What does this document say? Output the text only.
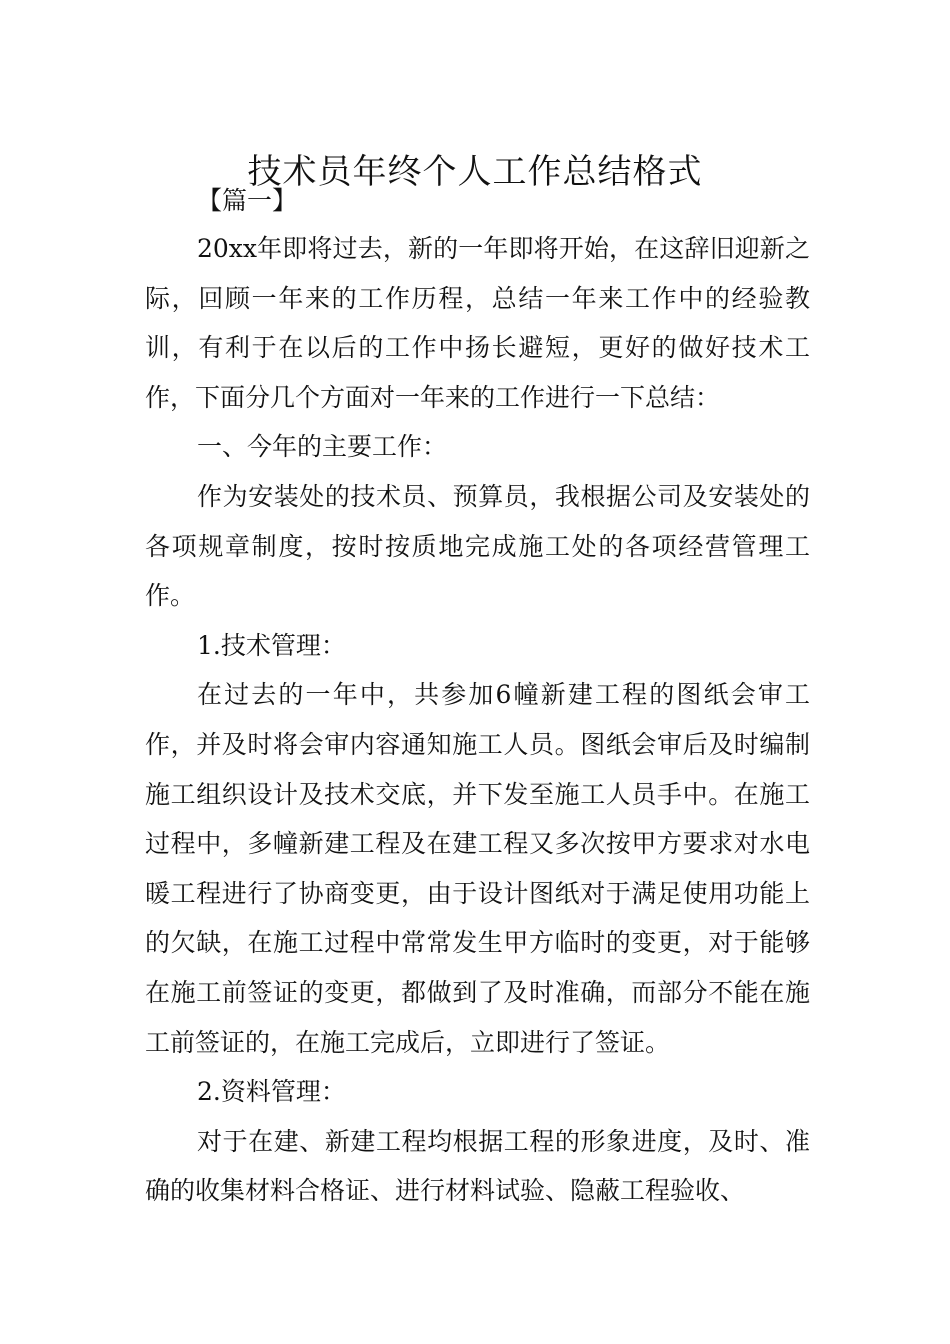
技术员年终个人工作总结格式

【篇一】

20xx年即将过去，新的一年即将开始，在这辞旧迎新之际，回顾一年来的工作历程，总结一年来工作中的经验教训，有利于在以后的工作中扬长避短，更好的做好技术工作，下面分几个方面对一年来的工作进行一下总结：

一、今年的主要工作：

作为安装处的技术员、预算员，我根据公司及安装处的各项规章制度，按时按质地完成施工处的各项经营管理工作。

1.技术管理：

在过去的一年中，共参加6幢新建工程的图纸会审工作，并及时将会审内容通知施工人员。图纸会审后及时编制施工组织设计及技术交底，并下发至施工人员手中。在施工过程中，多幢新建工程及在建工程又多次按甲方要求对水电暖工程进行了协商变更，由于设计图纸对于满足使用功能上的欠缺，在施工过程中常常发生甲方临时的变更，对于能够在施工前签证的变更，都做到了及时准确，而部分不能在施工前签证的，在施工完成后，立即进行了签证。

2.资料管理：

对于在建、新建工程均根据工程的形象进度，及时、准确的收集材料合格证、进行材料试验、隐蔽工程验收、
